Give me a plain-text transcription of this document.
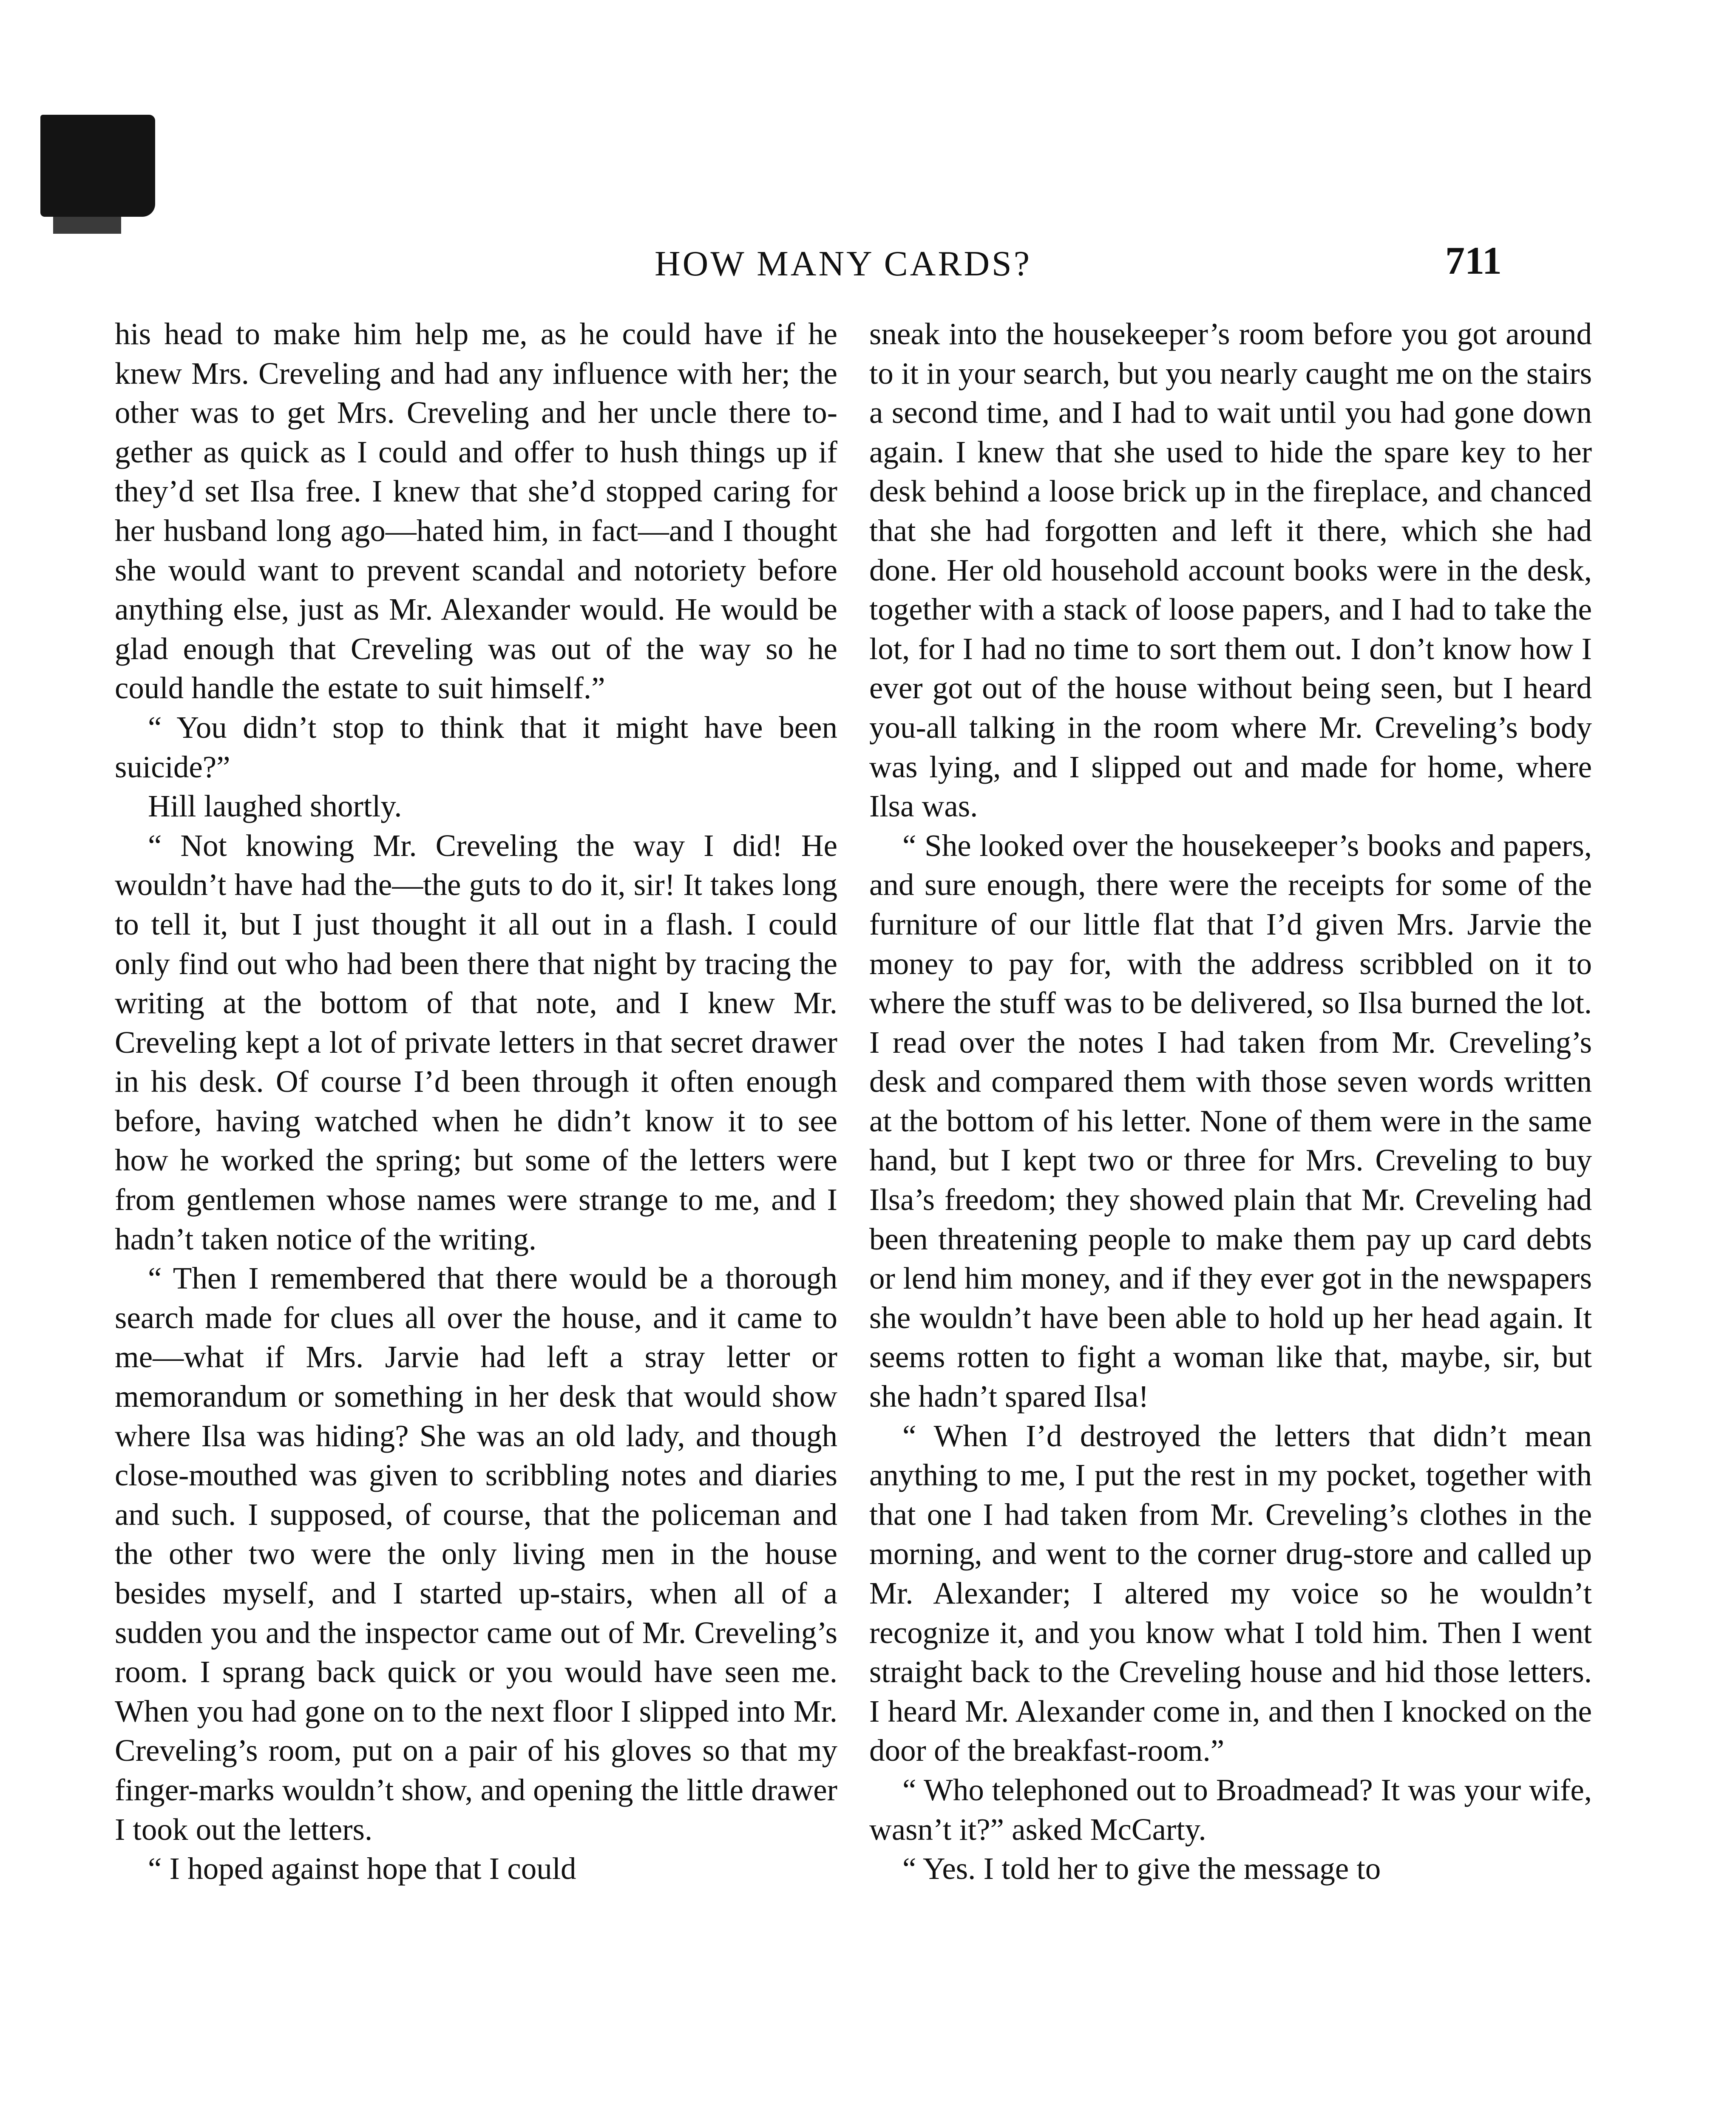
HOW MANY CARDS?	711

his head to make him help me, as he could have if he knew Mrs. Creveling and had any influence with her; the other was to get Mrs. Creveling and her uncle there together as quick as I could and offer to hush things up if they’d set Ilsa free. I knew that she’d stopped caring for her husband long ago—hated him, in fact—and I thought she would want to prevent scandal and notoriety before anything else, just as Mr. Alexander would. He would be glad enough that Creveling was out of the way so he could handle the estate to suit himself.”

“ You didn’t stop to think that it might have been suicide?”

Hill laughed shortly.

“ Not knowing Mr. Creveling the way I did! He wouldn’t have had the—the guts to do it, sir! It takes long to tell it, but I just thought it all out in a flash. I could only find out who had been there that night by tracing the writing at the bottom of that note, and I knew Mr. Creveling kept a lot of private letters in that secret drawer in his desk. Of course I’d been through it often enough before, having watched when he didn’t know it to see how he worked the spring; but some of the letters were from gentlemen whose names were strange to me, and I hadn’t taken notice of the writing.

“ Then I remembered that there would be a thorough search made for clues all over the house, and it came to me—what if Mrs. Jarvie had left a stray letter or memorandum or something in her desk that would show where Ilsa was hiding? She was an old lady, and though close-mouthed was given to scribbling notes and diaries and such. I supposed, of course, that the policeman and the other two were the only living men in the house besides myself, and I started up-stairs, when all of a sudden you and the inspector came out of Mr. Creveling’s room. I sprang back quick or you would have seen me. When you had gone on to the next floor I slipped into Mr. Creveling’s room, put on a pair of his gloves so that my finger-marks wouldn’t show, and opening the little drawer I took out the letters.

“ I hoped against hope that I could

sneak into the housekeeper’s room before you got around to it in your search, but you nearly caught me on the stairs a second time, and I had to wait until you had gone down again. I knew that she used to hide the spare key to her desk behind a loose brick up in the fireplace, and chanced that she had forgotten and left it there, which she had done. Her old household account books were in the desk, together with a stack of loose papers, and I had to take the lot, for I had no time to sort them out. I don’t know how I ever got out of the house without being seen, but I heard you-all talking in the room where Mr. Creveling’s body was lying, and I slipped out and made for home, where Ilsa was.

“ She looked over the housekeeper’s books and papers, and sure enough, there were the receipts for some of the furniture of our little flat that I’d given Mrs. Jarvie the money to pay for, with the address scribbled on it to where the stuff was to be delivered, so Ilsa burned the lot. I read over the notes I had taken from Mr. Creveling’s desk and compared them with those seven words written at the bottom of his letter. None of them were in the same hand, but I kept two or three for Mrs. Creveling to buy Ilsa’s freedom; they showed plain that Mr. Creveling had been threatening people to make them pay up card debts or lend him money, and if they ever got in the newspapers she wouldn’t have been able to hold up her head again. It seems rotten to fight a woman like that, maybe, sir, but she hadn’t spared Ilsa!

“ When I’d destroyed the letters that didn’t mean anything to me, I put the rest in my pocket, together with that one I had taken from Mr. Creveling’s clothes in the morning, and went to the corner drug-store and called up Mr. Alexander; I altered my voice so he wouldn’t recognize it, and you know what I told him. Then I went straight back to the Creveling house and hid those letters. I heard Mr. Alexander come in, and then I knocked on the door of the breakfast-room.”

“ Who telephoned out to Broadmead? It was your wife, wasn’t it?” asked McCarty.

“ Yes. I told her to give the message to
